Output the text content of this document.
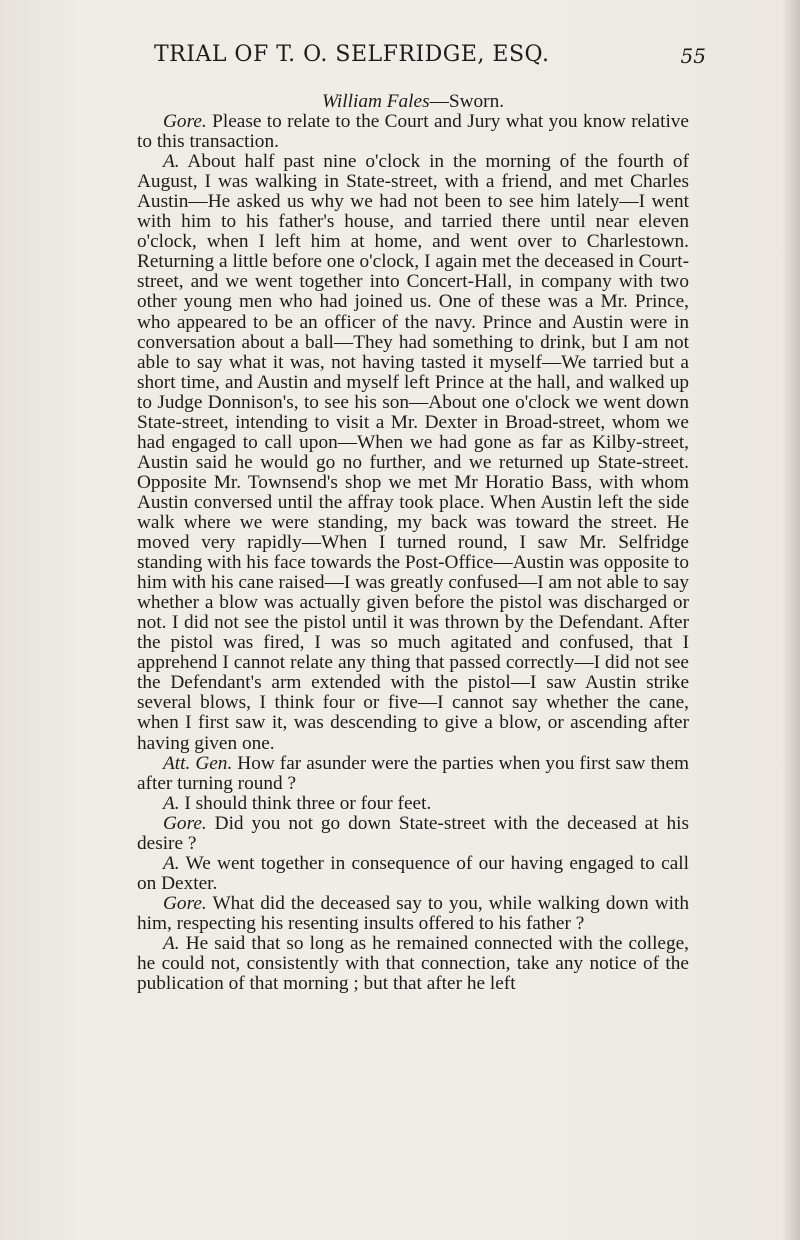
TRIAL OF T. O. SELFRIDGE, ESQ.	55

William Fales—Sworn.

Gore. Please to relate to the Court and Jury what you know relative to this transaction.

A. About half past nine o'clock in the morning of the fourth of August, I was walking in State-street, with a friend, and met Charles Austin—He asked us why we had not been to see him lately—I went with him to his father's house, and tarried there until near eleven o'clock, when I left him at home, and went over to Charlestown. Returning a little before one o'clock, I again met the deceased in Court-street, and we went together into Concert-Hall, in company with two other young men who had joined us. One of these was a Mr. Prince, who appeared to be an officer of the navy. Prince and Austin were in conversation about a ball—They had something to drink, but I am not able to say what it was, not having tasted it myself—We tarried but a short time, and Austin and myself left Prince at the hall, and walked up to Judge Donnison's, to see his son—About one o'clock we went down State-street, intending to visit a Mr. Dexter in Broad-street, whom we had engaged to call upon—When we had gone as far as Kilby-street, Austin said he would go no further, and we returned up State-street. Opposite Mr. Townsend's shop we met Mr Horatio Bass, with whom Austin conversed until the affray took place. When Austin left the side walk where we were standing, my back was toward the street. He moved very rapidly—When I turned round, I saw Mr. Selfridge standing with his face towards the Post-Office—Austin was opposite to him with his cane raised—I was greatly confused—I am not able to say whether a blow was actually given before the pistol was discharged or not. I did not see the pistol until it was thrown by the Defendant. After the pistol was fired, I was so much agitated and confused, that I apprehend I cannot relate any thing that passed correctly—I did not see the Defendant's arm extended with the pistol—I saw Austin strike several blows, I think four or five—I cannot say whether the cane, when I first saw it, was descending to give a blow, or ascending after having given one.

Att. Gen. How far asunder were the parties when you first saw them after turning round ?

A. I should think three or four feet.

Gore. Did you not go down State-street with the deceased at his desire ?

A. We went together in consequence of our having engaged to call on Dexter.

Gore. What did the deceased say to you, while walking down with him, respecting his resenting insults offered to his father ?

A. He said that so long as he remained connected with the college, he could not, consistently with that connection, take any notice of the publication of that morning ; but that after he left
